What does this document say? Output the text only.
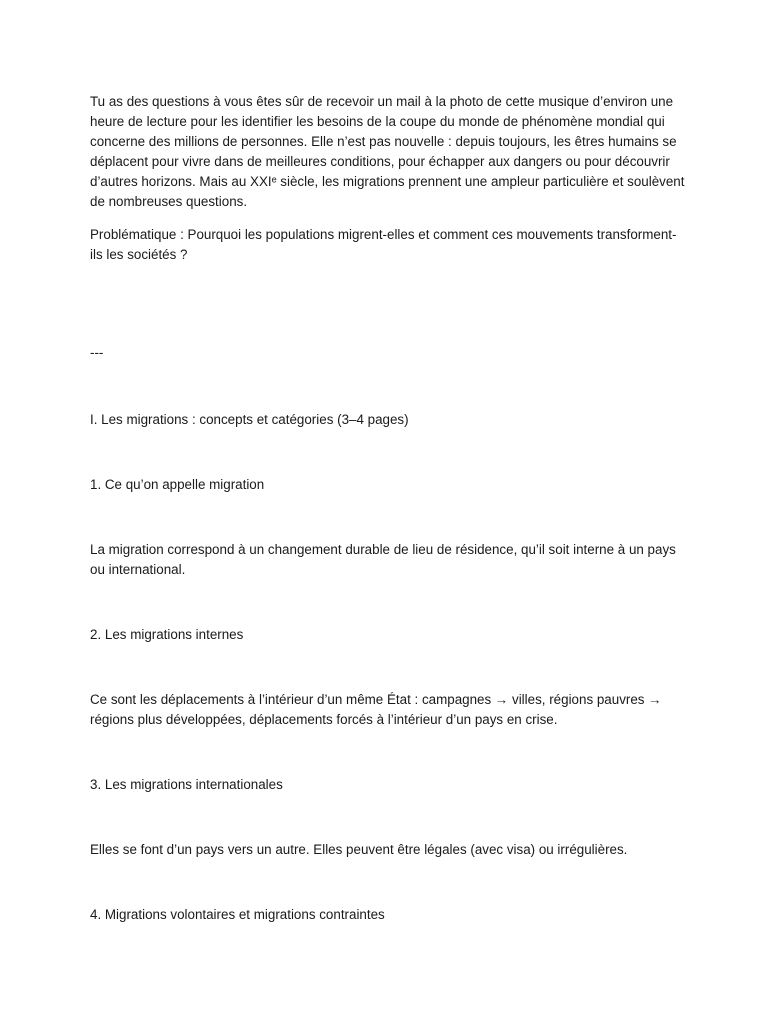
Tu as des questions à vous êtes sûr de recevoir un mail à la photo de cette musique d’environ une heure de lecture pour les identifier les besoins de la coupe du monde de phénomène mondial qui concerne des millions de personnes. Elle n’est pas nouvelle : depuis toujours, les êtres humains se déplacent pour vivre dans de meilleures conditions, pour échapper aux dangers ou pour découvrir d’autres horizons. Mais au XXIᵉ siècle, les migrations prennent une ampleur particulière et soulèvent de nombreuses questions.

Problématique : Pourquoi les populations migrent-elles et comment ces mouvements transforment-ils les sociétés ?

---

I. Les migrations : concepts et catégories (3–4 pages)

1. Ce qu’on appelle migration

La migration correspond à un changement durable de lieu de résidence, qu’il soit interne à un pays ou international.

2. Les migrations internes

Ce sont les déplacements à l’intérieur d’un même État : campagnes → villes, régions pauvres → régions plus développées, déplacements forcés à l’intérieur d’un pays en crise.

3. Les migrations internationales

Elles se font d’un pays vers un autre. Elles peuvent être légales (avec visa) ou irrégulières.

4. Migrations volontaires et migrations contraintes
